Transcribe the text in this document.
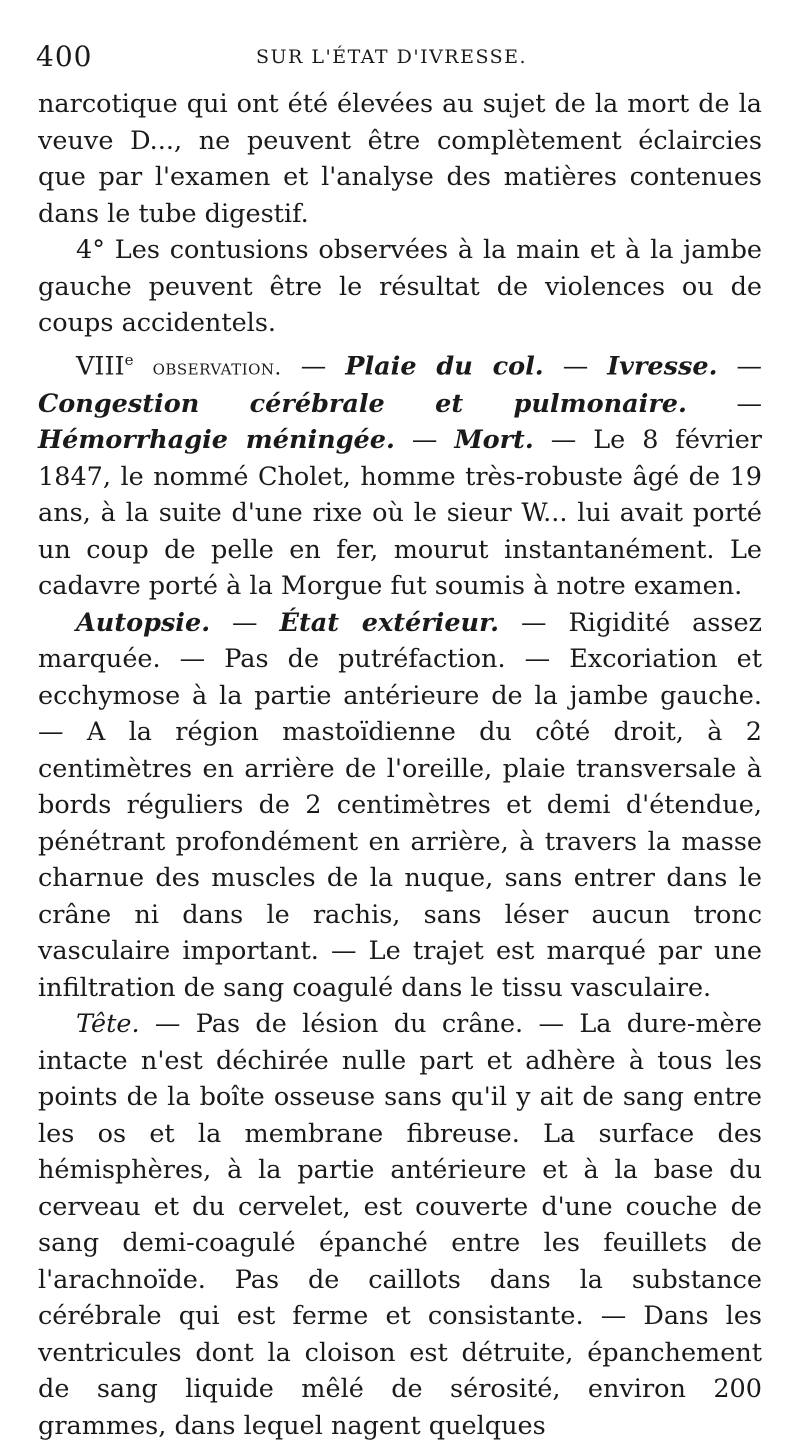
400	SUR L'ÉTAT D'IVRESSE.

narcotique qui ont été élevées au sujet de la mort de la veuve D..., ne peuvent être complètement éclaircies que par l'examen et l'analyse des matières contenues dans le tube digestif.

4° Les contusions observées à la main et à la jambe gauche peuvent être le résultat de violences ou de coups accidentels.

VIIIe observation. — Plaie du col. — Ivresse. — Congestion cérébrale et pulmonaire. — Hémorrhagie méningée. — Mort. — Le 8 février 1847, le nommé Cholet, homme très-robuste âgé de 19 ans, à la suite d'une rixe où le sieur W... lui avait porté un coup de pelle en fer, mourut instantanément. Le cadavre porté à la Morgue fut soumis à notre examen.

Autopsie. — État extérieur. — Rigidité assez marquée. — Pas de putréfaction. — Excoriation et ecchymose à la partie antérieure de la jambe gauche. — A la région mastoïdienne du côté droit, à 2 centimètres en arrière de l'oreille, plaie transversale à bords réguliers de 2 centimètres et demi d'étendue, pénétrant profondément en arrière, à travers la masse charnue des muscles de la nuque, sans entrer dans le crâne ni dans le rachis, sans léser aucun tronc vasculaire important. — Le trajet est marqué par une infiltration de sang coagulé dans le tissu vasculaire.

Tête. — Pas de lésion du crâne. — La dure-mère intacte n'est déchirée nulle part et adhère à tous les points de la boîte osseuse sans qu'il y ait de sang entre les os et la membrane fibreuse. La surface des hémisphères, à la partie antérieure et à la base du cerveau et du cervelet, est couverte d'une couche de sang demi-coagulé épanché entre les feuillets de l'arachnoïde. Pas de caillots dans la substance cérébrale qui est ferme et consistante. — Dans les ventricules dont la cloison est détruite, épanchement de sang liquide mêlé de sérosité, environ 200 grammes, dans lequel nagent quelques
